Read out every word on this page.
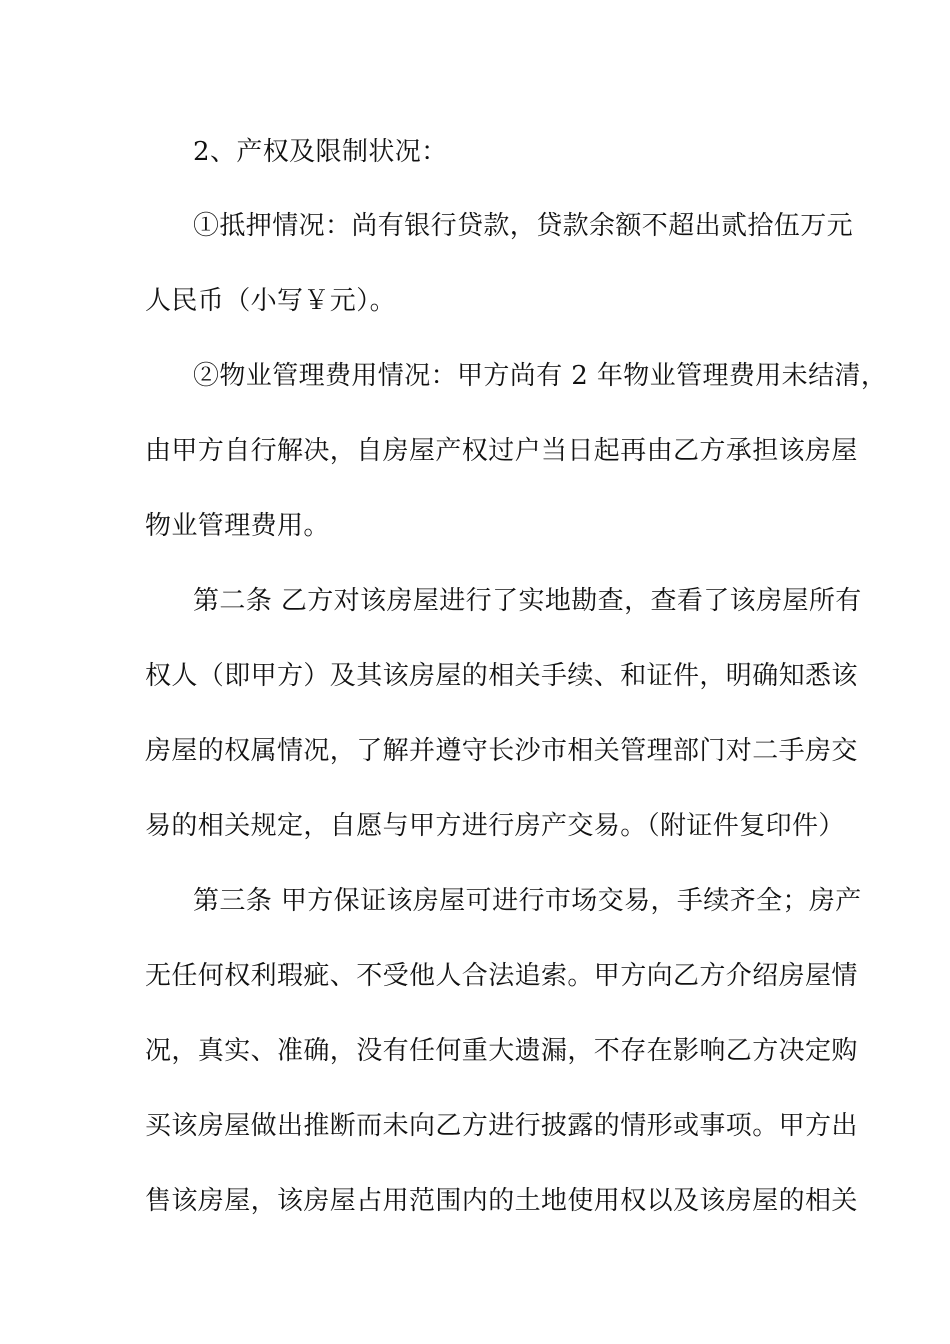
2、产权及限制状况：
①抵押情况：尚有银行贷款，贷款余额不超出贰拾伍万元
人民币（小写￥元）。
②物业管理费用情况：甲方尚有 2 年物业管理费用未结清，
由甲方自行解决，自房屋产权过户当日起再由乙方承担该房屋
物业管理费用。
第二条 乙方对该房屋进行了实地勘查，查看了该房屋所有
权人（即甲方）及其该房屋的相关手续、和证件，明确知悉该
房屋的权属情况，了解并遵守长沙市相关管理部门对二手房交
易的相关规定，自愿与甲方进行房产交易。（附证件复印件）
第三条 甲方保证该房屋可进行市场交易，手续齐全；房产
无任何权利瑕疵、不受他人合法追索。甲方向乙方介绍房屋情
况，真实、准确，没有任何重大遗漏，不存在影响乙方决定购
买该房屋做出推断而未向乙方进行披露的情形或事项。甲方出
售该房屋，该房屋占用范围内的土地使用权以及该房屋的相关
